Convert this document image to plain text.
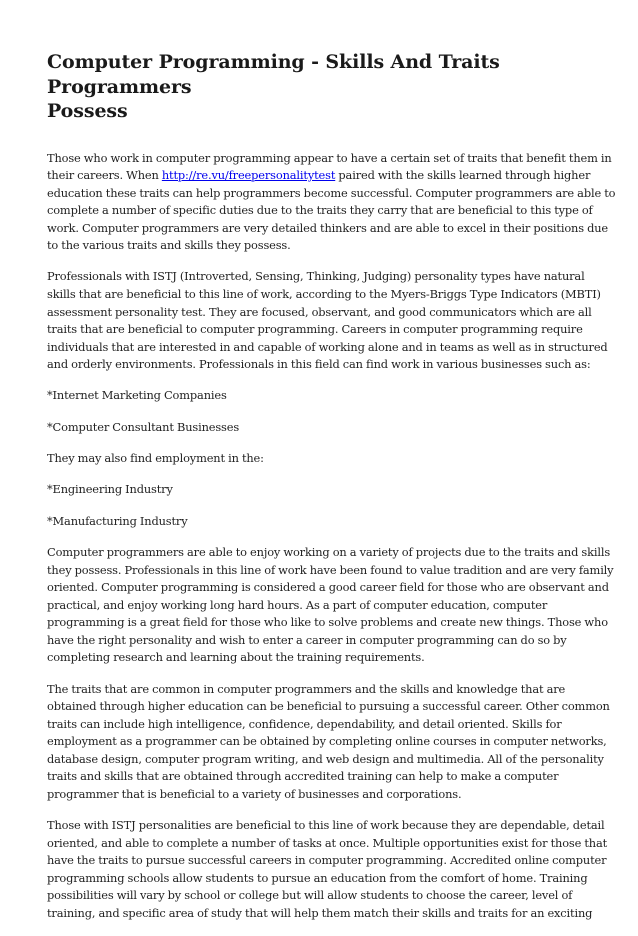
Computer Programming - Skills And Traits Programmers
Possess

Those who work in computer programming appear to have a certain set of traits that benefit them in
their careers. When http://re.vu/freepersonalitytest paired with the skills learned through higher
education these traits can help programmers become successful. Computer programmers are able to
complete a number of specific duties due to the traits they carry that are beneficial to this type of
work. Computer programmers are very detailed thinkers and are able to excel in their positions due
to the various traits and skills they possess.

Professionals with ISTJ (Introverted, Sensing, Thinking, Judging) personality types have natural
skills that are beneficial to this line of work, according to the Myers-Briggs Type Indicators (MBTI)
assessment personality test. They are focused, observant, and good communicators which are all
traits that are beneficial to computer programming. Careers in computer programming require
individuals that are interested in and capable of working alone and in teams as well as in structured
and orderly environments. Professionals in this field can find work in various businesses such as:

*Internet Marketing Companies

*Computer Consultant Businesses

They may also find employment in the:

*Engineering Industry

*Manufacturing Industry

Computer programmers are able to enjoy working on a variety of projects due to the traits and skills
they possess. Professionals in this line of work have been found to value tradition and are very family
oriented. Computer programming is considered a good career field for those who are observant and
practical, and enjoy working long hard hours. As a part of computer education, computer
programming is a great field for those who like to solve problems and create new things. Those who
have the right personality and wish to enter a career in computer programming can do so by
completing research and learning about the training requirements.

The traits that are common in computer programmers and the skills and knowledge that are
obtained through higher education can be beneficial to pursuing a successful career. Other common
traits can include high intelligence, confidence, dependability, and detail oriented. Skills for
employment as a programmer can be obtained by completing online courses in computer networks,
database design, computer program writing, and web design and multimedia. All of the personality
traits and skills that are obtained through accredited training can help to make a computer
programmer that is beneficial to a variety of businesses and corporations.

Those with ISTJ personalities are beneficial to this line of work because they are dependable, detail
oriented, and able to complete a number of tasks at once. Multiple opportunities exist for those that
have the traits to pursue successful careers in computer programming. Accredited online computer
programming schools allow students to pursue an education from the comfort of home. Training
possibilities will vary by school or college but will allow students to choose the career, level of
training, and specific area of study that will help them match their skills and traits for an exciting
